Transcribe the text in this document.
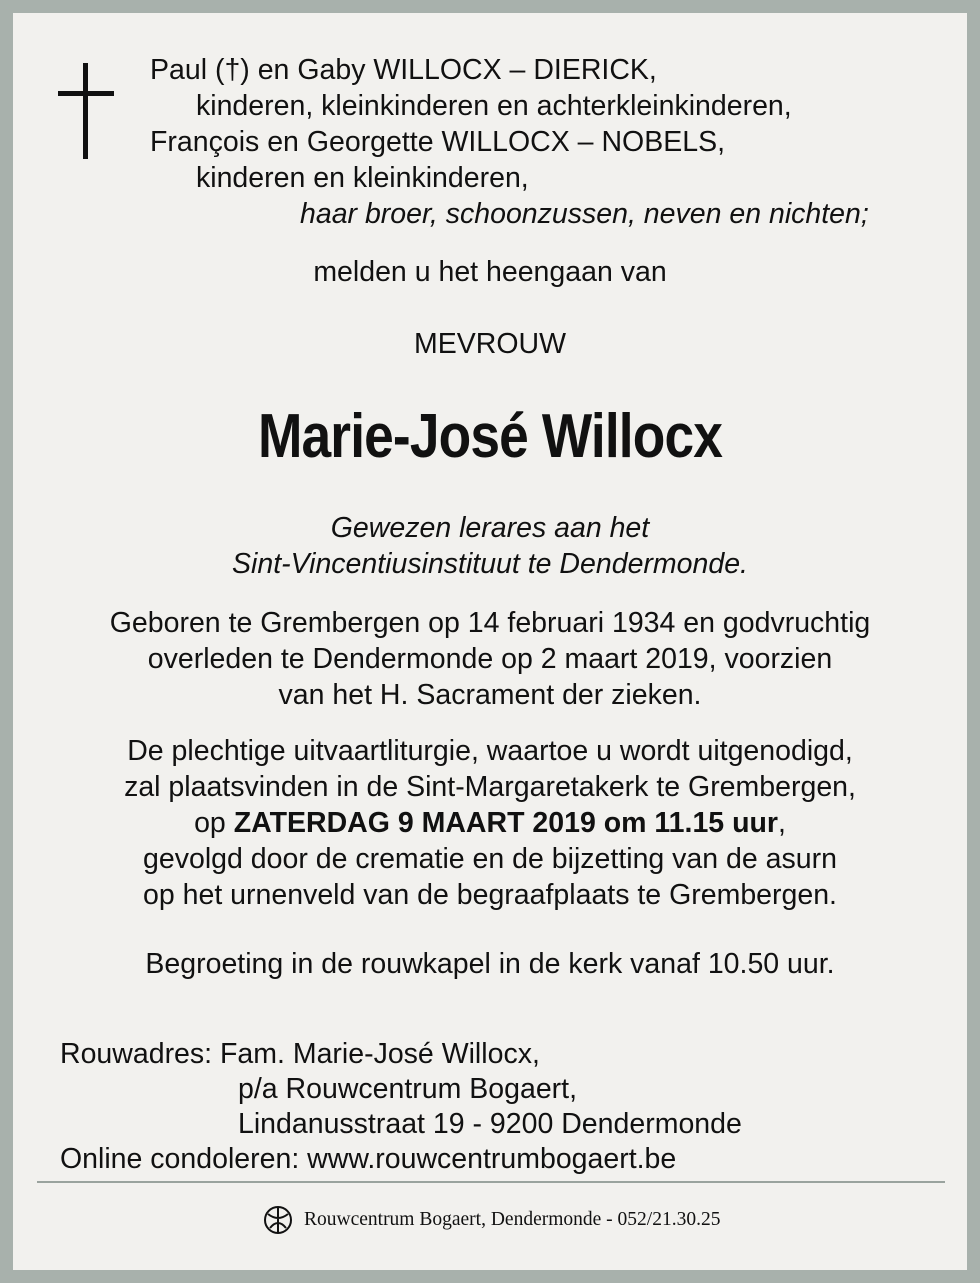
Paul (†) en Gaby WILLOCX – DIERICK,
kinderen, kleinkinderen en achterkleinkinderen,
François en Georgette WILLOCX – NOBELS,
kinderen en kleinkinderen,
haar broer, schoonzussen, neven en nichten;
melden u het heengaan van
MEVROUW
Marie-José Willocx

Gewezen lerares aan het

Sint-Vincentiusinstituut te Dendermonde.

Geboren te Grembergen op 14 februari 1934 en godvruchtig

overleden te Dendermonde op 2 maart 2019, voorzien

van het H. Sacrament der zieken.

De plechtige uitvaartliturgie, waartoe u wordt uitgenodigd,

zal plaatsvinden in de Sint-Margaretakerk te Grembergen,

op ZATERDAG 9 MAART 2019 om 11.15 uur,

gevolgd door de crematie en de bijzetting van de asurn

op het urnenveld van de begraafplaats te Grembergen.

Begroeting in de rouwkapel in de kerk vanaf 10.50 uur.

Rouwadres: Fam. Marie-José Willocx,
p/a Rouwcentrum Bogaert,
Lindanusstraat 19 - 9200 Dendermonde
Online condoleren: www.rouwcentrumbogaert.be
Rouwcentrum Bogaert, Dendermonde - 052/21.30.25
